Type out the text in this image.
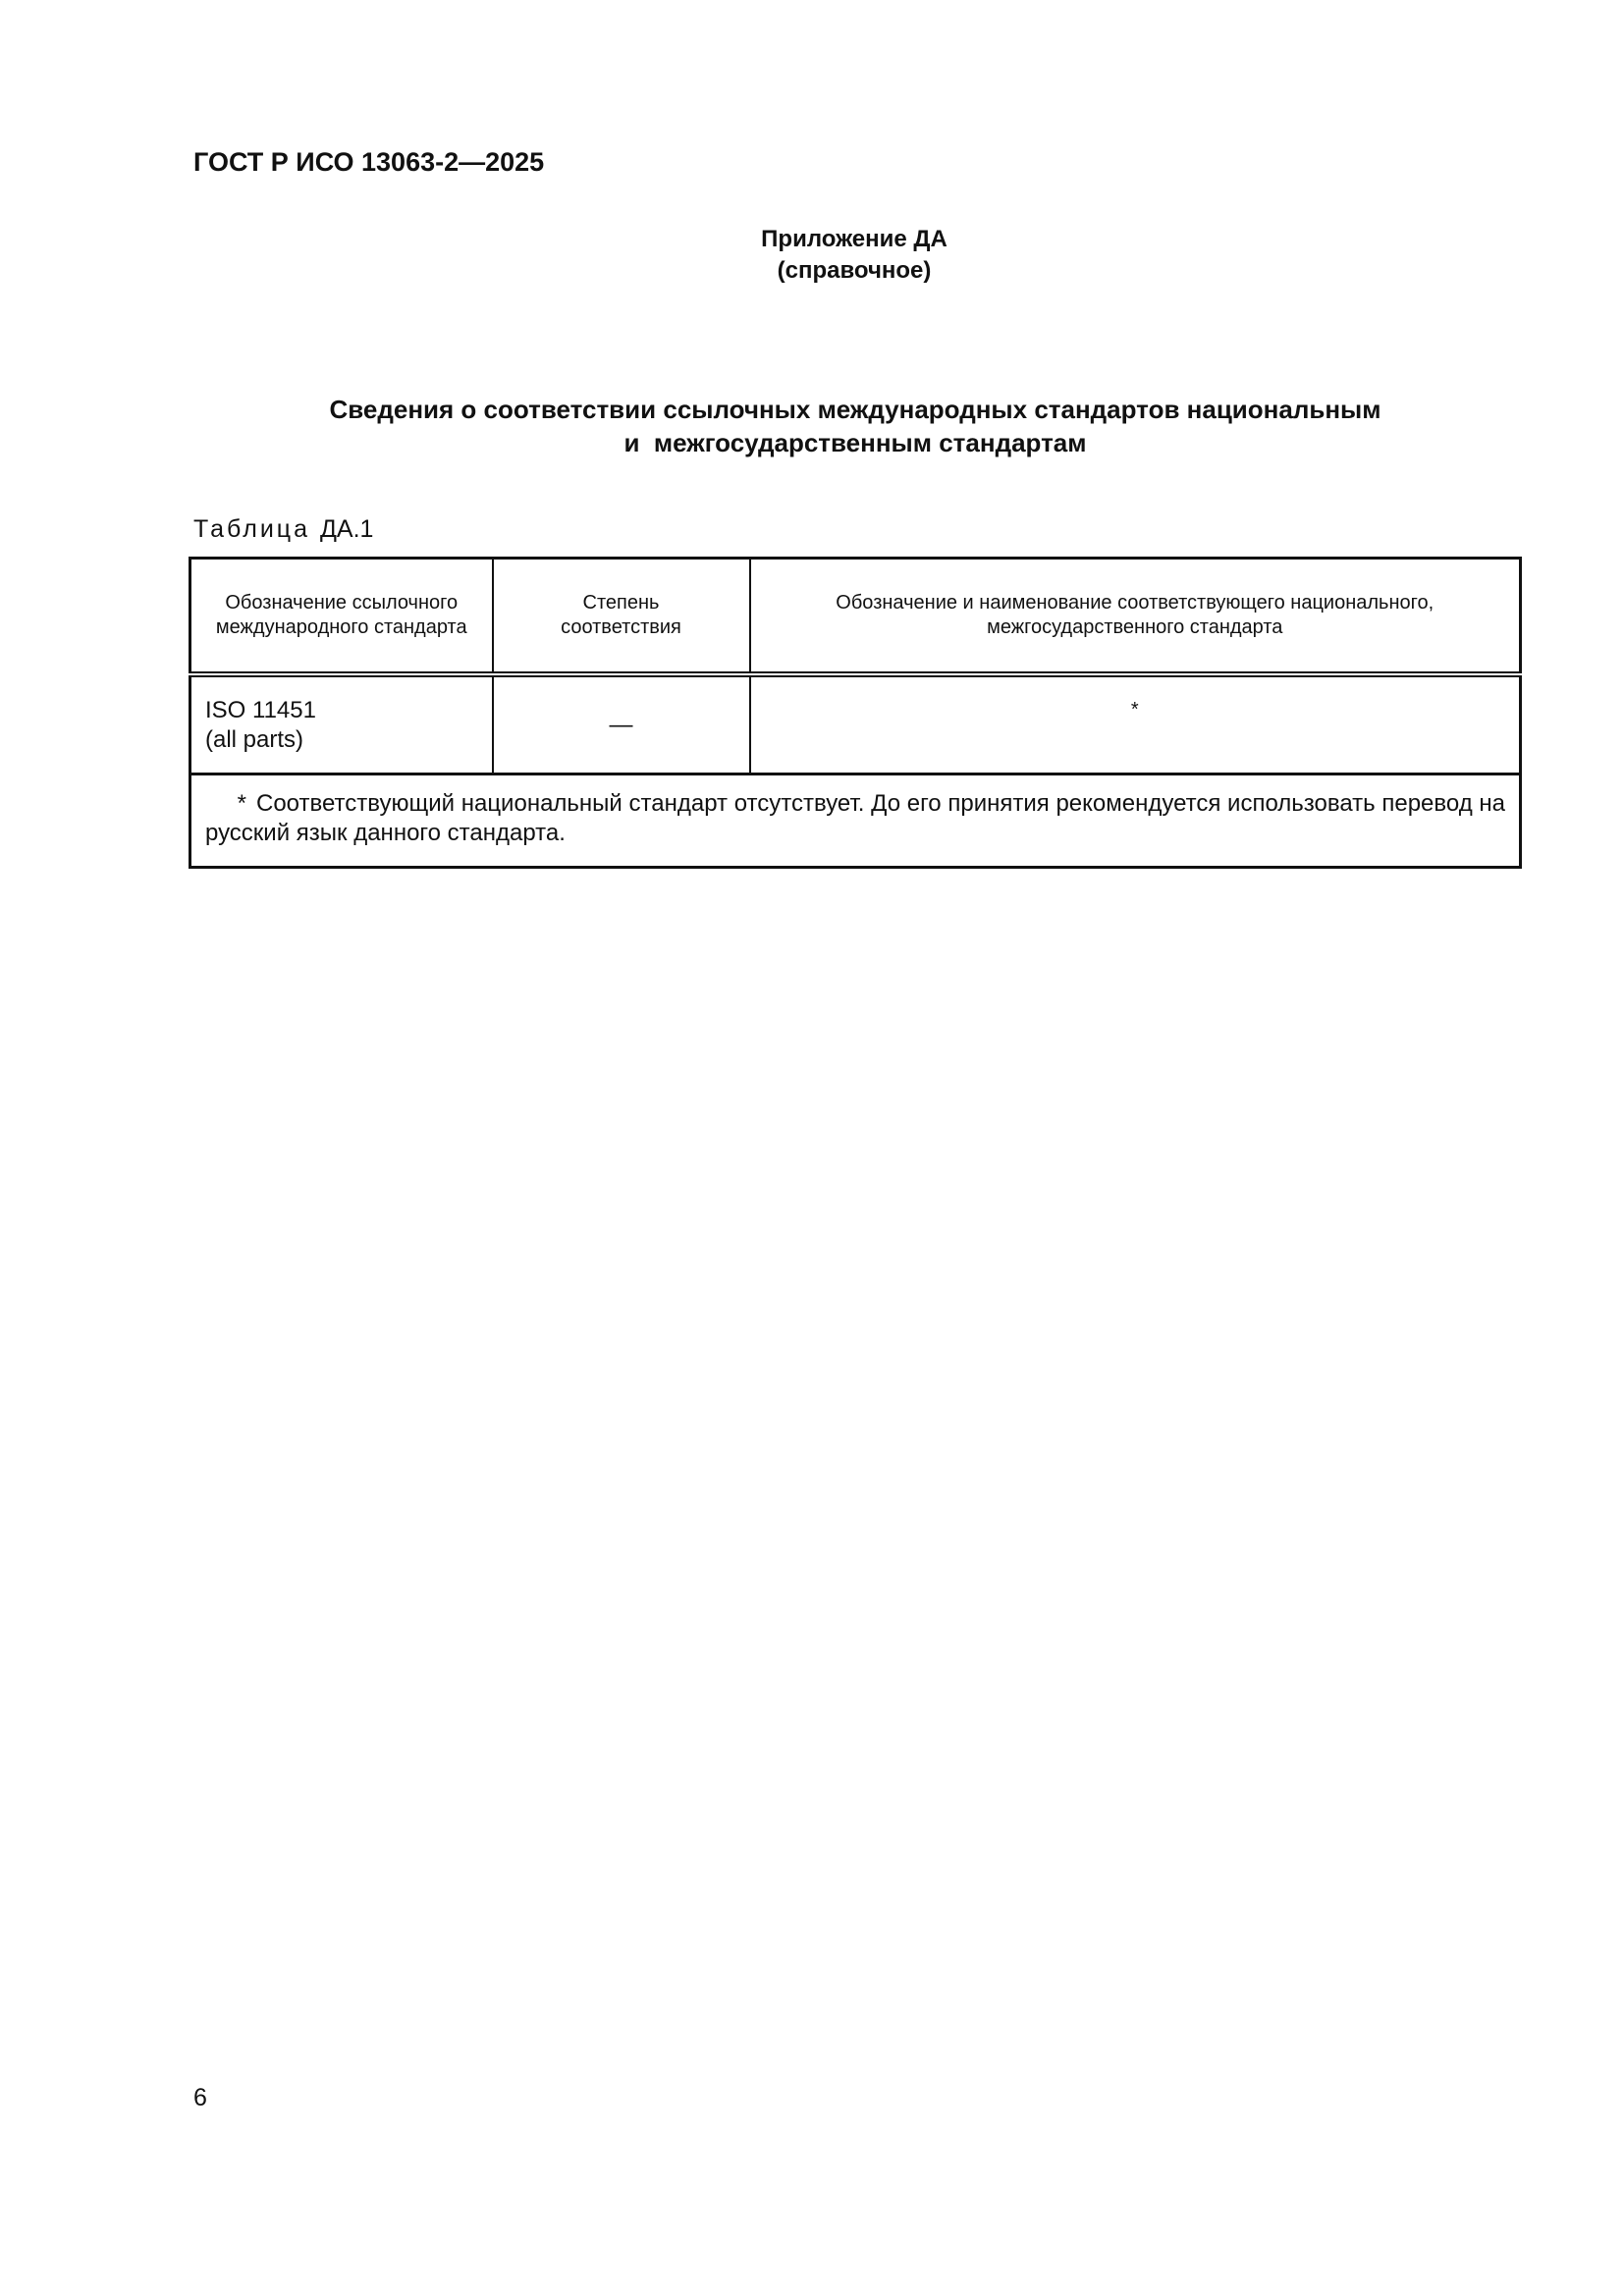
ГОСТ Р ИСО 13063-2—2025
Приложение ДА
(справочное)
Сведения о соответствии ссылочных международных стандартов национальным
и  межгосударственным стандартам
Таблица ДА.1
Обозначение ссылочного международного стандарта	Степень соответствия	Обозначение и наименование соответствующего национального, межгосударственного стандарта

ISO 11451
(all parts)	—	*
* Соответствующий национальный стандарт отсутствует. До его принятия рекомендуется использовать перевод на русский язык данного стандарта.		
6
